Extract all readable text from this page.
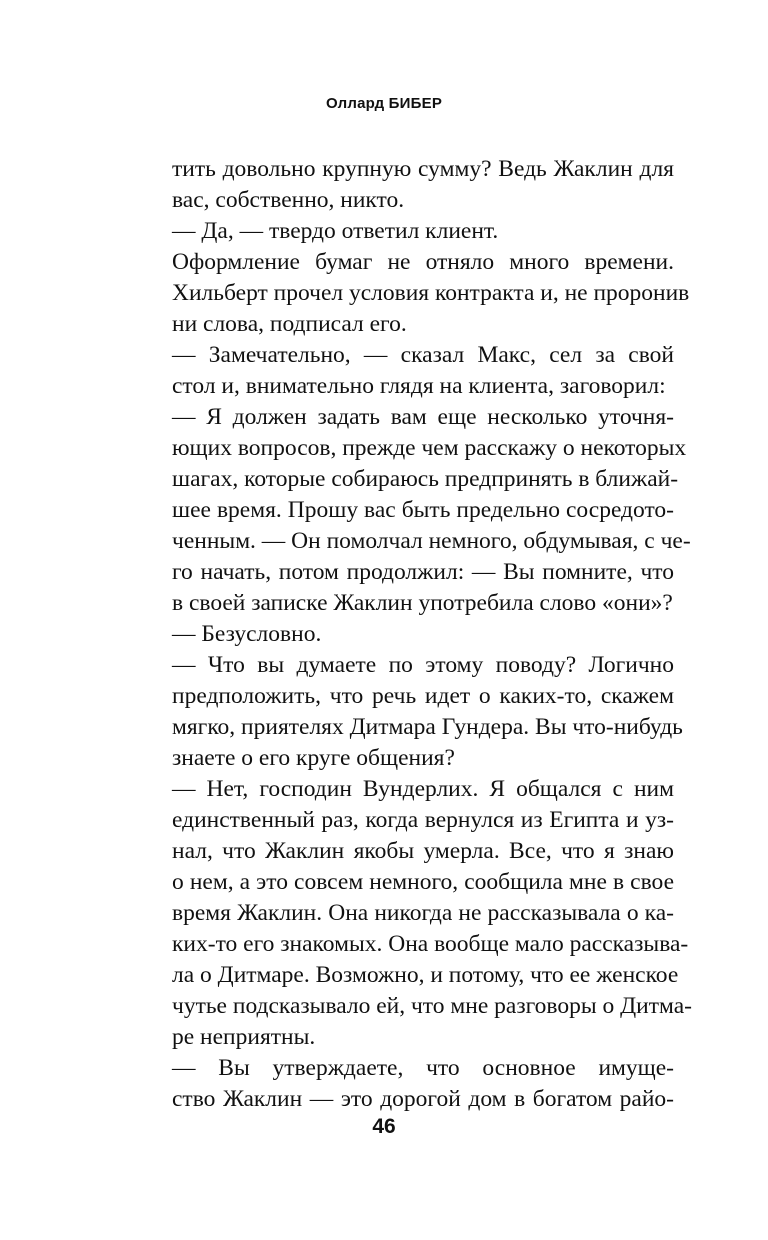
Оллард БИБЕР
тить довольно крупную сумму? Ведь Жаклин для
вас, собственно, никто.
— Да, — твердо ответил клиент.
Оформление бумаг не отняло много времени.
Хильберт прочел условия контракта и, не проронив
ни слова, подписал его.
— Замечательно, — сказал Макс, сел за свой
стол и, внимательно глядя на клиента, заговорил:
— Я должен задать вам еще несколько уточня-
ющих вопросов, прежде чем расскажу о некоторых
шагах, которые собираюсь предпринять в ближай-
шее время. Прошу вас быть предельно сосредото-
ченным. — Он помолчал немного, обдумывая, с че-
го начать, потом продолжил: — Вы помните, что
в своей записке Жаклин употребила слово «они»?
— Безусловно.
— Что вы думаете по этому поводу? Логично
предположить, что речь идет о каких-то, скажем
мягко, приятелях Дитмара Гундера. Вы что-нибудь
знаете о его круге общения?
— Нет, господин Вундерлих. Я общался с ним
единственный раз, когда вернулся из Египта и уз-
нал, что Жаклин якобы умерла. Все, что я знаю
о нем, а это совсем немного, сообщила мне в свое
время Жаклин. Она никогда не рассказывала о ка-
ких-то его знакомых. Она вообще мало рассказыва-
ла о Дитмаре. Возможно, и потому, что ее женское
чутье подсказывало ей, что мне разговоры о Дитма-
ре неприятны.
— Вы утверждаете, что основное имуще-
ство Жаклин — это дорогой дом в богатом райо-
46
